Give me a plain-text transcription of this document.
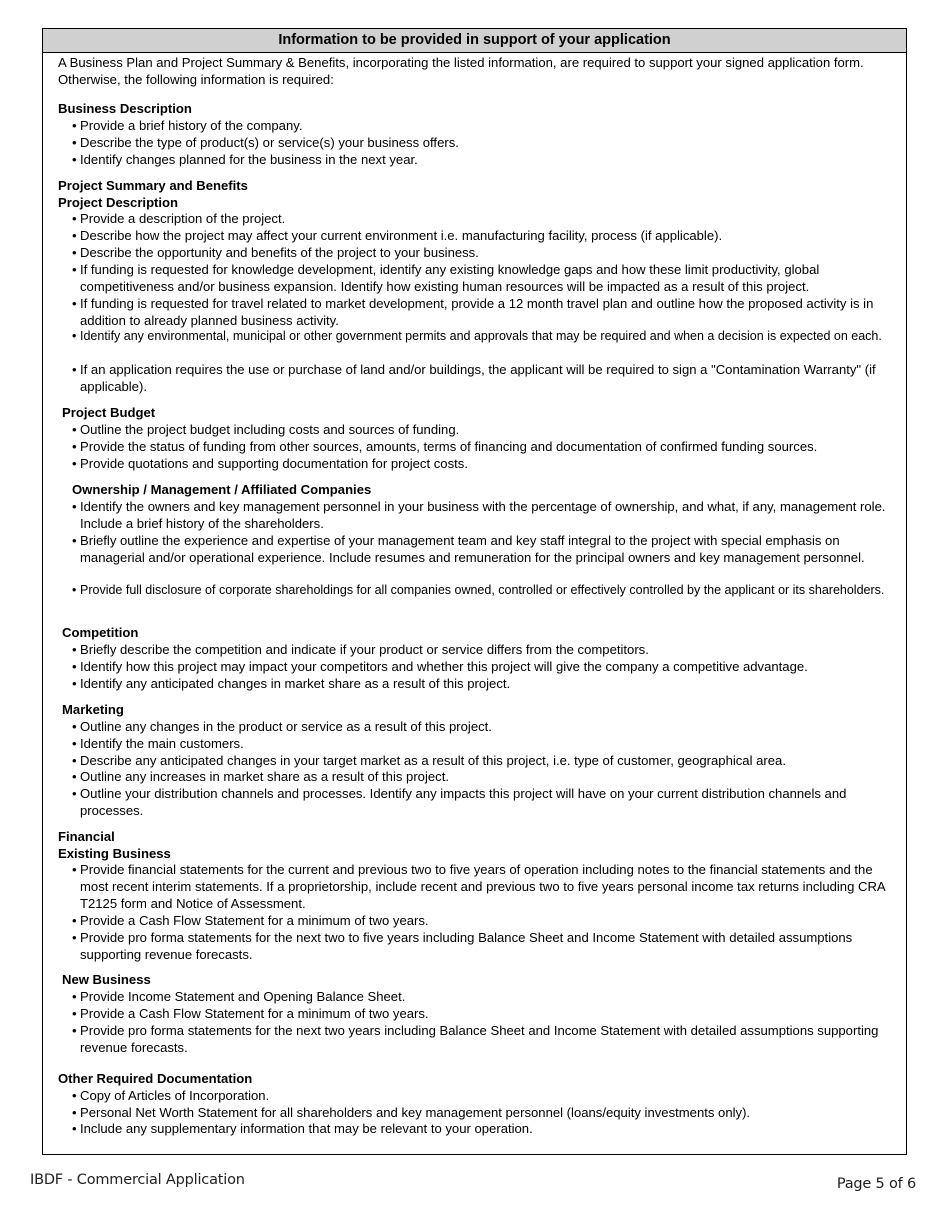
Information to be provided in support of your application
A Business Plan and Project Summary & Benefits, incorporating the listed information, are required to support your signed application form. Otherwise, the following information is required:
Business Description
• Provide a brief history of the company.
• Describe the type of product(s) or service(s) your business offers.
• Identify changes planned for the business in the next year.
Project Summary and Benefits
Project Description
• Provide a description of the project.
• Describe how the project may affect your current environment i.e. manufacturing facility, process (if applicable).
• Describe the opportunity and benefits of the project to your business.
• If funding is requested for knowledge development, identify any existing knowledge gaps and how these limit productivity, global competitiveness and/or business expansion. Identify how existing human resources will be impacted as a result of this project.
• If funding is requested for travel related to market development, provide a 12 month travel plan and outline how the proposed activity is in addition to already planned business activity.
• Identify any environmental, municipal or other government permits and approvals that may be required and when a decision is expected on each.
• If an application requires the use or purchase of land and/or buildings, the applicant will be required to sign a "Contamination Warranty" (if applicable).
Project Budget
• Outline the project budget including costs and sources of funding.
• Provide the status of funding from other sources, amounts, terms of financing and documentation of confirmed funding sources.
• Provide quotations and supporting documentation for project costs.
Ownership / Management / Affiliated Companies
• Identify the owners and key management personnel in your business with the percentage of ownership, and what, if any, management role. Include a brief history of the shareholders.
• Briefly outline the experience and expertise of your management team and key staff integral to the project with special emphasis on managerial and/or operational experience. Include resumes and remuneration for the principal owners and key management personnel.
• Provide full disclosure of corporate shareholdings for all companies owned, controlled or effectively controlled by the applicant or its shareholders.
Competition
• Briefly describe the competition and indicate if your product or service differs from the competitors.
• Identify how this project may impact your competitors and whether this project will give the company a competitive advantage.
• Identify any anticipated changes in market share as a result of this project.
Marketing
• Outline any changes in the product or service as a result of this project.
• Identify the main customers.
• Describe any anticipated changes in your target market as a result of this project, i.e. type of customer, geographical area.
• Outline any increases in market share as a result of this project.
• Outline your distribution channels and processes. Identify any impacts this project will have on your current distribution channels and processes.
Financial
Existing Business
• Provide financial statements for the current and previous two to five years of operation including notes to the financial statements and the most recent interim statements. If a proprietorship, include recent and previous two to five years personal income tax returns including CRA T2125 form and Notice of Assessment.
• Provide a Cash Flow Statement for a minimum of two years.
• Provide pro forma statements for the next two to five years including Balance Sheet and Income Statement with detailed assumptions supporting revenue forecasts.
New Business
• Provide Income Statement and Opening Balance Sheet.
• Provide a Cash Flow Statement for a minimum of two years.
• Provide pro forma statements for the next two years including Balance Sheet and Income Statement with detailed assumptions supporting revenue forecasts.
Other Required Documentation
• Copy of Articles of Incorporation.
• Personal Net Worth Statement for all shareholders and key management personnel (loans/equity investments only).
• Include any supplementary information that may be relevant to your operation.
IBDF - Commercial Application	Page 5 of 6
